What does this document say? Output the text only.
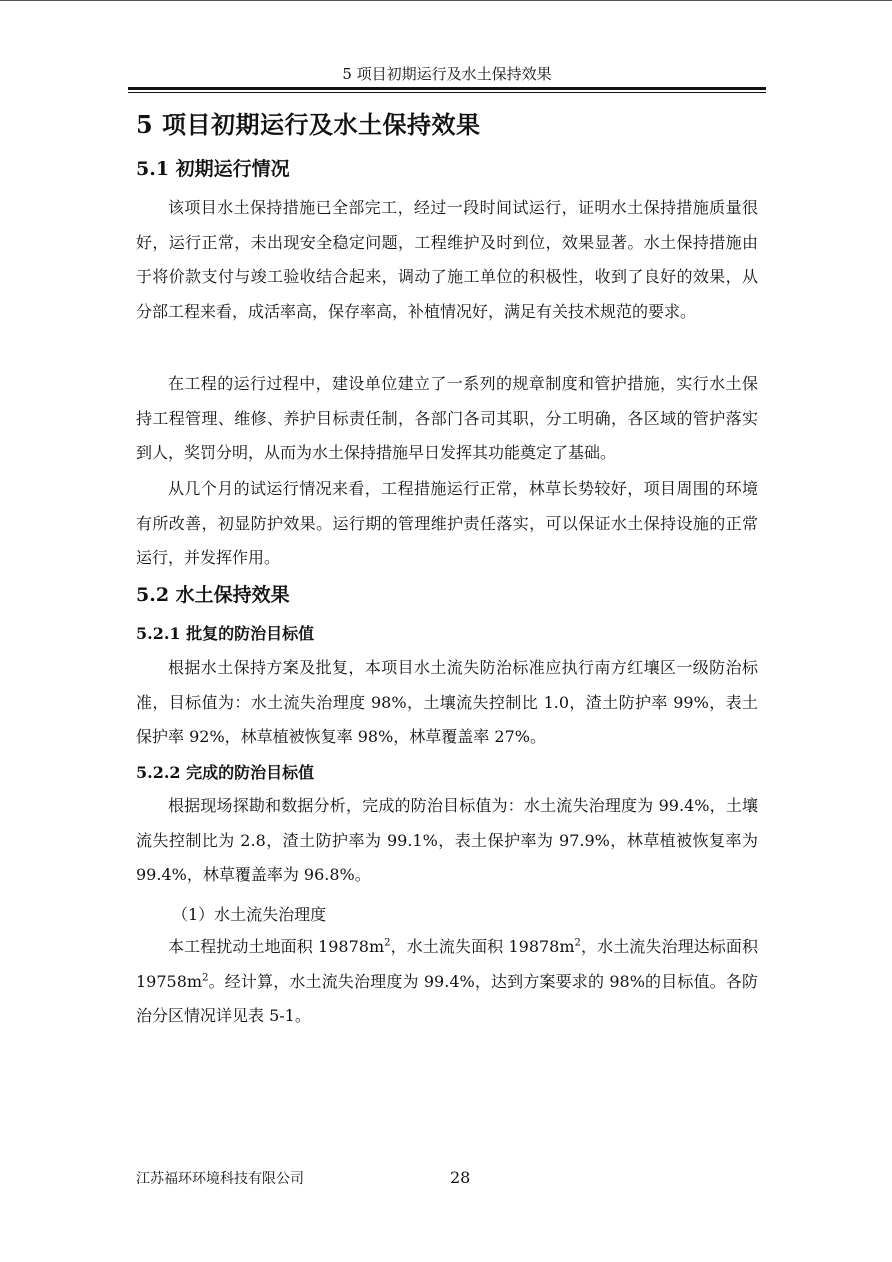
5 项目初期运行及水土保持效果
5 项目初期运行及水土保持效果
5.1 初期运行情况

该项目水土保持措施已全部完工，经过一段时间试运行，证明水土保持措施质量很好，运行正常，未出现安全稳定问题，工程维护及时到位，效果显著。水土保持措施由于将价款支付与竣工验收结合起来，调动了施工单位的积极性，收到了良好的效果，从分部工程来看，成活率高，保存率高，补植情况好，满足有关技术规范的要求。

在工程的运行过程中，建设单位建立了一系列的规章制度和管护措施，实行水土保持工程管理、维修、养护目标责任制，各部门各司其职，分工明确，各区域的管护落实到人，奖罚分明，从而为水土保持措施早日发挥其功能奠定了基础。

从几个月的试运行情况来看，工程措施运行正常，林草长势较好，项目周围的环境有所改善，初显防护效果。运行期的管理维护责任落实，可以保证水土保持设施的正常运行，并发挥作用。

5.2 水土保持效果
5.2.1 批复的防治目标值

根据水土保持方案及批复，本项目水土流失防治标准应执行南方红壤区一级防治标准，目标值为：水土流失治理度 98%，土壤流失控制比 1.0，渣土防护率 99%，表土保护率 92%，林草植被恢复率 98%，林草覆盖率 27%。

5.2.2 完成的防治目标值

根据现场探勘和数据分析，完成的防治目标值为：水土流失治理度为 99.4%，土壤流失控制比为 2.8，渣土防护率为 99.1%，表土保护率为 97.9%，林草植被恢复率为 99.4%，林草覆盖率为 96.8%。

（1）水土流失治理度

本工程扰动土地面积 $19878m^2$，水土流失面积 $19878m^2$，水土流失治理达标面积 $19758m^2$。经计算，水土流失治理度为 99.4%，达到方案要求的 98%的目标值。各防治分区情况详见表 5-1。

江苏福环环境科技有限公司	28
